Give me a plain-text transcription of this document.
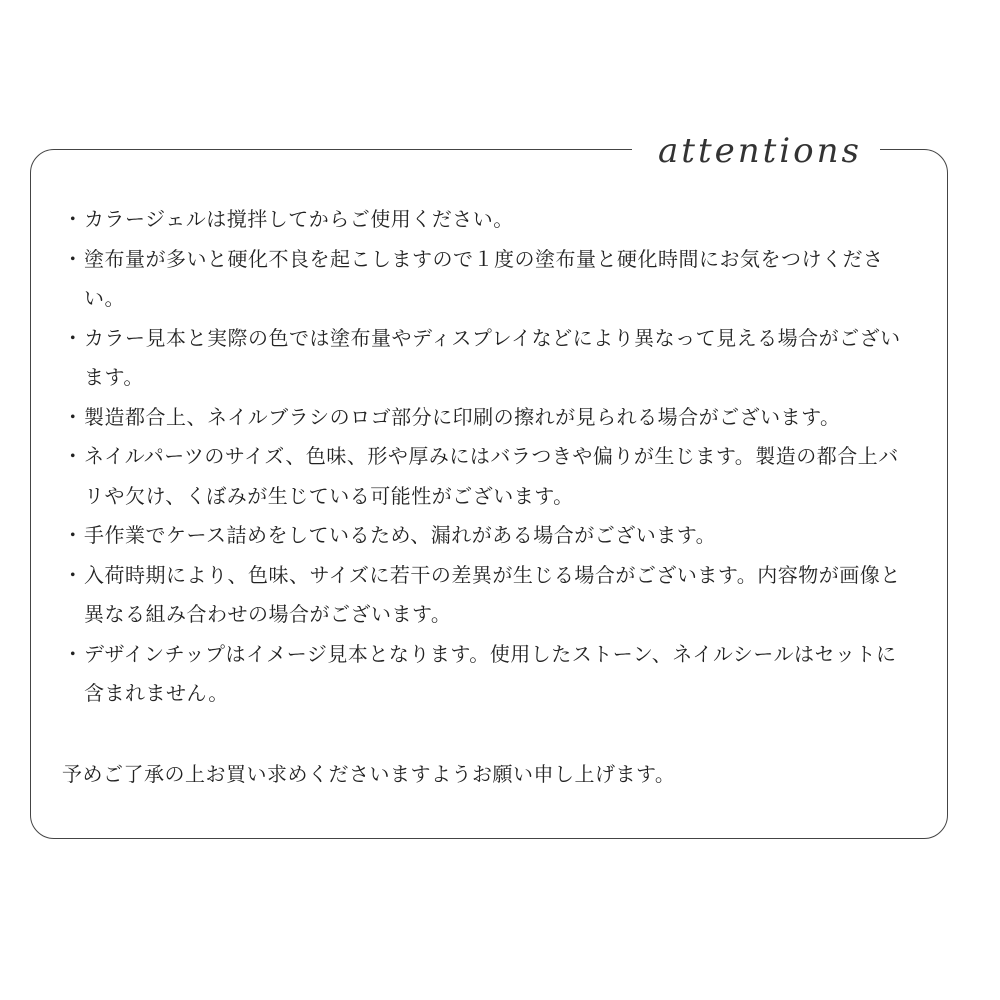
attentions
・ カラージェルは撹拌してからご使用ください。
・ 塗布量が多いと硬化不良を起こしますので１度の塗布量と硬化時間にお気をつけください。
・ カラー見本と実際の色では塗布量やディスプレイなどにより異なって見える場合がございます。
・ 製造都合上、ネイルブラシのロゴ部分に印刷の擦れが見られる場合がございます。
・ ネイルパーツのサイズ、色味、形や厚みにはバラつきや偏りが生じます。製造の都合上バリや欠け、くぼみが生じている可能性がございます。
・ 手作業でケース詰めをしているため、漏れがある場合がございます。
・ 入荷時期により、色味、サイズに若干の差異が生じる場合がございます。内容物が画像と異なる組み合わせの場合がございます。
・ デザインチップはイメージ見本となります。使用したストーン、ネイルシールはセットに含まれません。

予めご了承の上お買い求めくださいますようお願い申し上げます。
